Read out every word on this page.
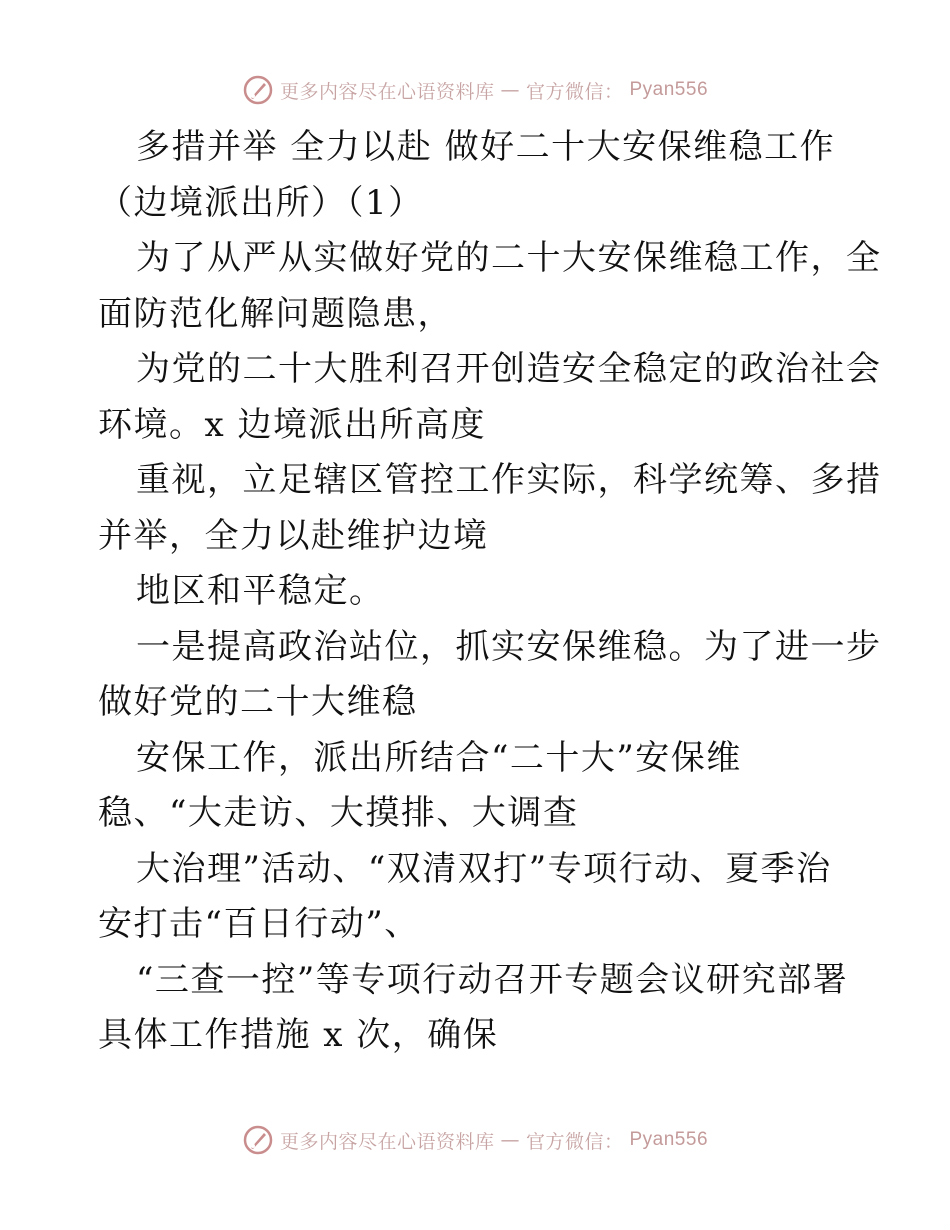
更多内容尽在心语资料库 — 官方微信： Pyan556
多措并举 全力以赴 做好二十大安保维稳工作
（边境派出所）（1）
为了从严从实做好党的二十大安保维稳工作，全
面防范化解问题隐患，
为党的二十大胜利召开创造安全稳定的政治社会
环境。x 边境派出所高度
重视，立足辖区管控工作实际，科学统筹、多措
并举，全力以赴维护边境
地区和平稳定。
一是提高政治站位，抓实安保维稳。为了进一步
做好党的二十大维稳
安保工作，派出所结合“二十大”安保维
稳、“大走访、大摸排、大调查
大治理”活动、“双清双打”专项行动、夏季治
安打击“百日行动”、
“三查一控”等专项行动召开专题会议研究部署
具体工作措施 x 次，确保
更多内容尽在心语资料库 — 官方微信： Pyan556
